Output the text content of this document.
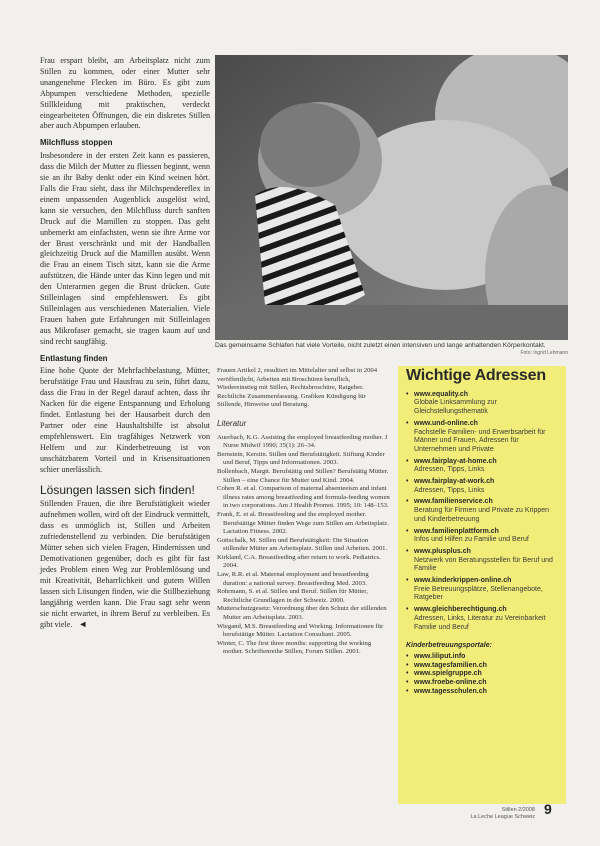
Frau erspart bleibt, am Arbeitsplatz nicht zum Stillen zu kommen, oder einer Mutter sehr unangenehme Flecken im Büro. Es gibt zum Abpumpen verschiedene Methoden, spezielle Stillkleidung mit praktischen, verdeckt eingearbeiteten Öffnungen, die ein diskretes Stillen aber auch Abpumpen erlauben.

Milchfluss stoppen

Insbesondere in der ersten Zeit kann es passieren, dass die Milch der Mutter zu fliessen beginnt, wenn sie an ihr Baby denkt oder ein Kind weinen hört. Falls die Frau sieht, dass ihr Milchspendereflex in einem unpassenden Augenblick ausgelöst wird, kann sie versuchen, den Milchfluss durch sanften Druck auf die Mamillen zu stoppen. Das geht unbemerkt am einfachsten, wenn sie ihre Arme vor der Brust verschränkt und mit der Handballen gleichzeitig Druck auf die Mamillen ausübt. Wenn die Frau an einem Tisch sitzt, kann sie die Arme aufstützen, die Hände unter das Kinn legen und mit den Unterarmen gegen die Brust drücken. Gute Stilleinlagen sind empfehlenswert. Es gibt Stilleinlagen aus verschiedenen Materialien. Viele Frauen haben gute Erfahrungen mit Stilleinlagen aus Mikrofaser gemacht, sie tragen kaum auf und sind recht saugfähig.

Entlastung finden

Eine hohe Quote der Mehrfachbelastung, Mütter, berufstätige Frau und Hausfrau zu sein, führt dazu, dass die Frau in der Regel darauf achten, dass ihr Nacken für die eigene Entspannung und Erholung findet. Entlastung bei der Hausarbeit durch den Partner oder eine Haushaltshilfe ist absolut empfehlenswert. Ein tragfähiges Netzwerk von Helfern und zur Kinderbetreuung ist von unschätzbarem Vorteil und in Krisensituationen schier unerlässlich.

Lösungen lassen sich finden!

Stillenden Frauen, die ihre Berufstätigkeit wieder aufnehmen wollen, wird oft der Eindruck vermittelt, dass es unmöglich ist, Stillen und Arbeiten zufriedenstellend zu verbinden. Die berufstätigen Mütter sehen sich vielen Fragen, Hindernissen und Demotivationen gegenüber, doch es gibt für fast jedes Problem einen Weg zur Problemlösung und mit Kreativität, Beharrlichkeit und gutem Willen lassen sich Lösungen finden, wie die Stillbeziehung langjährig werden kann. Die Frau sagt sehr wenn sie nicht erwartet, in ihrem Beruf zu verbleiben. Es gibt viele. ◄

Das gemeinsame Schlafen hat viele Vorteile, nicht zuletzt einen intensiven und lange anhaltenden Körperkontakt.
Foto: Ingrid Lehmann

Frauen Artikel 2, resultiert im Mittelalter und selbst in 2004 veröffentlicht, Arbeiten mit Broschüren beruflich, Wiedereinstieg mit Stillen, Rechtsbroschüre, Ratgeber. Rechtliche Zusammenfassung. Grafiken Kündigung für Stillende, Hinweise und Beratung.

Literatur

Auerbach, K.G. Assisting the employed breastfeeding mother. J Nurse Midwif 1990; 35(1): 26–34.

Bernstein, Kerstin. Stillen und Berufstätigkeit. Stiftung Kinder und Beruf, Tipps und Informationen. 2003.

Bollenbach, Margit. Berufstätig und Stillen? Berufstätig Mütter. Stillen – eine Chance für Mutter und Kind. 2004.

Cohen R. et al. Comparison of maternal absenteeism and infant illness rates among breastfeeding and formula-feeding women in two corporations. Am J Health Promot. 1995; 10: 148–153.

Frank, E. et al. Breastfeeding and the employed mother. Berufstätige Mütter finden Wege zum Stillen am Arbeitsplatz. Lactation Fitness. 2002.

Gottschalk, M. Stillen und Berufstätigkeit: Die Situation stillender Mütter am Arbeitsplatz. Stillen und Arbeiten. 2001.

Kirkland, C.A. Breastfeeding after return to work. Pediatrics. 2004.

Law, R.R. et al. Maternal employment and breastfeeding duration: a national survey. Breastfeeding Med. 2003.

Rohrmann, S. et al. Stillen und Beruf. Stillen für Mütter, Rechtliche Grundlagen in der Schweiz. 2000.

Mutterschutzgesetz: Verordnung über den Schutz der stillenden Mutter am Arbeitsplatz. 2003.

Wiegand, M.S. Breastfeeding and Working. Informationen für berufstätige Mütter. Lactation Consultant. 2005.

Winter, C. The first three months: supporting the working mother. Schriftenreihe Stillen, Forum Stillen. 2001.

Wichtige Adressen
• www.equality.ch
Globale Linksammlung zur Gleichstellungsthematik
• www.und-online.ch
Fachstelle Familien- und Erwerbsarbeit für Männer und Frauen, Adressen für Unternehmen und Private
• www.fairplay-at-home.ch
Adressen, Tipps, Links
• www.fairplay-at-work.ch
Adressen, Tipps, Links
• www.familienservice.ch
Beratung für Firmen und Private zu Krippen und Kinderbetreuung
• www.familienplattform.ch
Infos und Hilfen zu Familie und Beruf
• www.plusplus.ch
Netzwerk von Beratungsstellen für Beruf und Familie
• www.kinderkrippen-online.ch
Freie Betreuungsplätze, Stellenangebote, Ratgeber
• www.gleichberechtigung.ch
Adressen, Links, Literatur zu Vereinbarkeit Familie und Beruf
Kinderbetreuungsportale:
• www.liliput.info
• www.tagesfamilien.ch
• www.spielgruppe.ch
• www.froebe-online.ch
• www.tagesschulen.ch
Stillen 2/2008
La Leche League Schweiz 9
